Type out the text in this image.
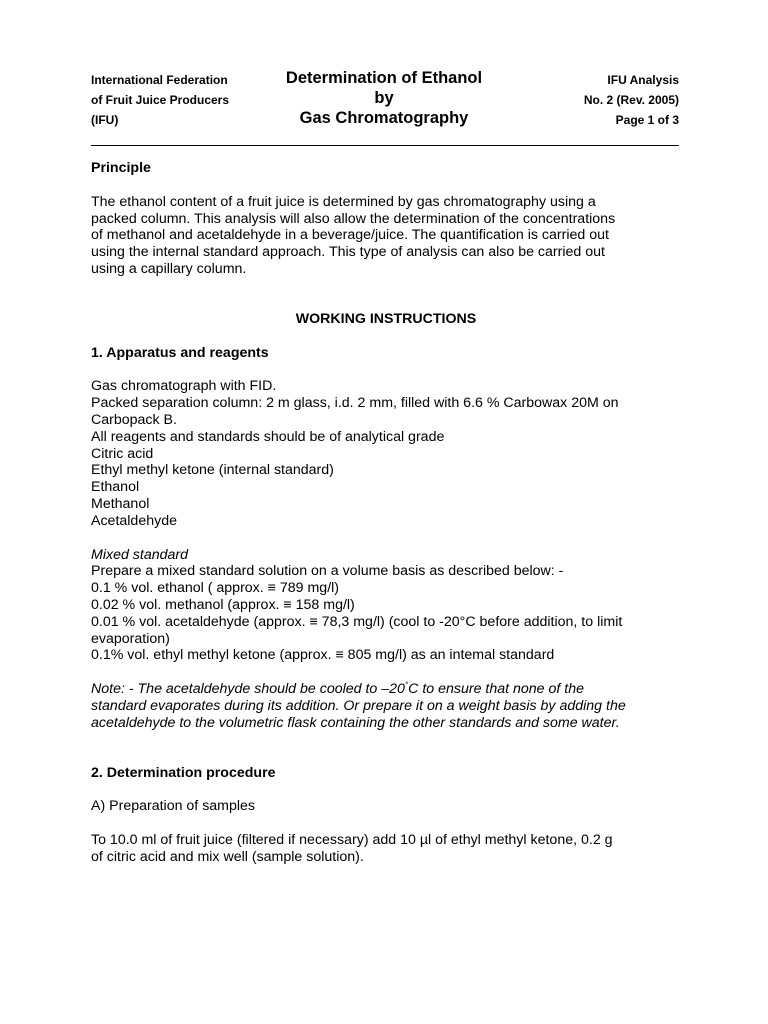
International Federation
of Fruit Juice Producers
(IFU)
Determination of Ethanol
by
Gas Chromatography
IFU Analysis
No. 2 (Rev. 2005)
Page 1 of 3

Principle

The ethanol content of a fruit juice is determined by gas chromatography using a

packed column. This analysis will also allow the determination of the concentrations

of methanol and acetaldehyde in a beverage/juice. The quantification is carried out

using the internal standard approach. This type of analysis can also be carried out

using a capillary column.

WORKING INSTRUCTIONS

1. Apparatus and reagents

Gas chromatograph with FID.

Packed separation column: 2 m glass, i.d. 2 mm, filled with 6.6 % Carbowax 20M on

Carbopack B.

All reagents and standards should be of analytical grade

Citric acid

Ethyl methyl ketone (internal standard)

Ethanol

Methanol

Acetaldehyde

Mixed standard

Prepare a mixed standard solution on a volume basis as described below: -

0.1 % vol. ethanol ( approx. ≡ 789 mg/l)

0.02 % vol. methanol (approx. ≡ 158 mg/l)

0.01 % vol. acetaldehyde (approx. ≡ 78,3 mg/l) (cool to -20°C before addition, to limit

evaporation)

0.1% vol. ethyl methyl ketone (approx. ≡ 805 mg/l) as an intemal standard

Note: - The acetaldehyde should be cooled to –20°C to ensure that none of the

standard evaporates during its addition. Or prepare it on a weight basis by adding the

acetaldehyde to the volumetric flask containing the other standards and some water.

2. Determination procedure

A) Preparation of samples

To 10.0 ml of fruit juice (filtered if necessary) add 10 µl of ethyl methyl ketone, 0.2 g

of citric acid and mix well (sample solution).
